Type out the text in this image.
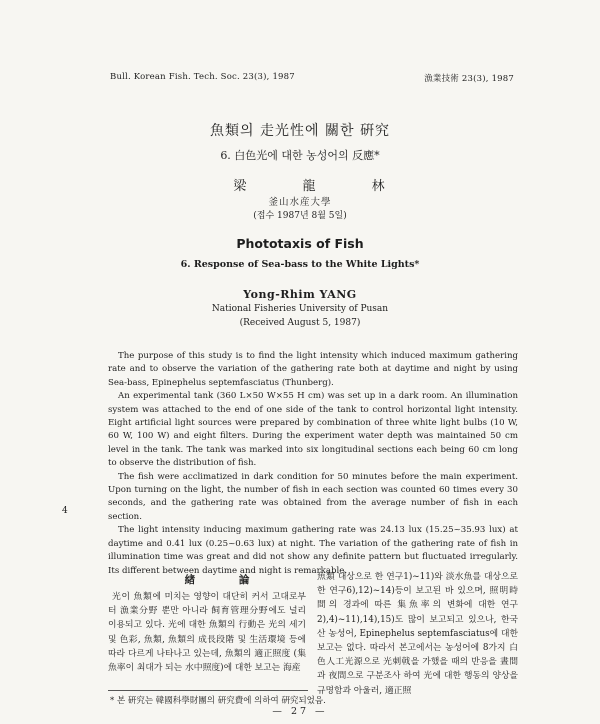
Bull. Korean Fish. Tech. Soc. 23(3), 1987	漁業技術 23(3), 1987
魚類의 走光性에 關한 硏究
6. 白色光에 대한 농성어의 反應*
梁 龍 林
釜山水産大學
(접수 1987년 8월 5일)
Phototaxis of Fish
6. Response of Sea-bass to the White Lights*
Yong-Rhim YANG
National Fisheries University of Pusan
(Received August 5, 1987)

The purpose of this study is to find the light intensity which induced maximum gathering rate and to observe the variation of the gathering rate both at daytime and night by using Sea-bass, Epinephelus septemfasciatus (Thunberg).

An experimental tank (360 L×50 W×55 H cm) was set up in a dark room. An illumination system was attached to the end of one side of the tank to control horizontal light intensity. Eight artificial light sources were prepared by combination of three white light bulbs (10 W, 60 W, 100 W) and eight filters. During the experiment water depth was maintained 50 cm level in the tank. The tank was marked into six longitudinal sections each being 60 cm long to observe the distribution of fish.

The fish were acclimatized in dark condition for 50 minutes before the main experiment. Upon turning on the light, the number of fish in each section was counted 60 times every 30 seconds, and the gathering rate was obtained from the average number of fish in each section.

The light intensity inducing maximum gathering rate was 24.13 lux (15.25~35.93 lux) at daytime and 0.41 lux (0.25~0.63 lux) at night. The variation of the gathering rate of fish in illumination time was great and did not show any definite pattern but fluctuated irregularly. Its different between daytime and night is remarkable.

4
緖 論
光이 魚類에 미치는 영향이 대단히 커서 고대로부터 漁業分野 뿐만 아니라 飼育管理分野에도 널리 이용되고 있다. 光에 대한 魚類의 行動은 光의 세기 및 色彩, 魚類, 魚類의 成長段階 및 生活環境 등에 따라 다르게 나타나고 있는데, 魚類의 適正照度 (集魚率이 최대가 되는 水中照度)에 대한 보고는 海産
魚類 대상으로 한 연구1)~11)와 淡水魚를 대상으로 한 연구6),12)~14)등이 보고된 바 있으며, 照明時間의 경과에 따른 集魚率의 변화에 대한 연구2),4)~11),14),15)도 많이 보고되고 있으나, 한국산 농성어, Epinephelus septemfasciatus에 대한 보고는 없다. 따라서 본고에서는 농성어에 8가지 白色人工光源으로 光刺戟을 가했을 때의 반응을 晝間과 夜間으로 구분조사 하여 光에 대한 행동의 양상을 규명함과 아울러, 適正照
* 본 硏究는 韓國科學財團의 硏究費에 의하여 硏究되었음.
— 27 —
